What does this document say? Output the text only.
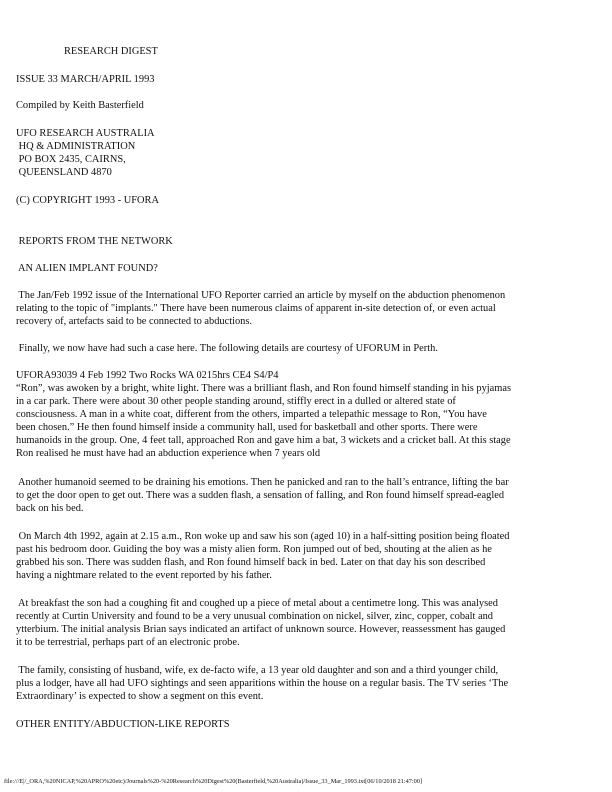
RESEARCH DIGEST

ISSUE 33 MARCH/APRIL 1993

Compiled by Keith Basterfield

UFO RESEARCH AUSTRALIA

HQ & ADMINISTRATION

PO BOX 2435, CAIRNS,

QUEENSLAND 4870

(C) COPYRIGHT 1993 - UFORA

REPORTS FROM THE NETWORK

AN ALIEN IMPLANT FOUND?

The Jan/Feb 1992 issue of the International UFO Reporter carried an article by myself on the abduction phenomenon
relating to the topic of "implants." There have been numerous claims of apparent in-site detection of, or even actual
recovery of, artefacts said to be connected to abductions.
Finally, we now have had such a case here. The following details are courtesy of UFORUM in Perth.

UFORA93039 4 Feb 1992 Two Rocks WA 0215hrs CE4 S4/P4

“Ron”, was awoken by a bright, white light. There was a brilliant flash, and Ron found himself standing in his pyjamas
in a car park. There were about 30 other people standing around, stiffly erect in a dulled or altered state of
consciousness. A man in a white coat, different from the others, imparted a telepathic message to Ron, “You have
been chosen.” He then found himself inside a community hall, used for basketball and other sports. There were
humanoids in the group. One, 4 feet tall, approached Ron and gave him a bat, 3 wickets and a cricket ball. At this stage
Ron realised he must have had an abduction experience when 7 years old
Another humanoid seemed to be draining his emotions. Then he panicked and ran to the hall’s entrance, lifting the bar
to get the door open to get out. There was a sudden flash, a sensation of falling, and Ron found himself spread-eagled
back on his bed.
On March 4th 1992, again at 2.15 a.m., Ron woke up and saw his son (aged 10) in a half-sitting position being floated
past his bedroom door. Guiding the boy was a misty alien form. Ron jumped out of bed, shouting at the alien as he
grabbed his son. There was sudden flash, and Ron found himself back in bed. Later on that day his son described
having a nightmare related to the event reported by his father.
At breakfast the son had a coughing fit and coughed up a piece of metal about a centimetre long. This was analysed
recently at Curtin University and found to be a very unusual combination on nickel, silver, zinc, copper, cobalt and
ytterbium. The initial analysis Brian says indicated an artifact of unknown source. However, reassessment has gauged
it to be terrestrial, perhaps part of an electronic probe.
The family, consisting of husband, wife, ex de-facto wife, a 13 year old daughter and son and a third younger child,
plus a lodger, have all had UFO sightings and seen apparitions within the house on a regular basis. The TV series ‘The
Extraordinary’ is expected to show a segment on this event.

OTHER ENTITY/ABDUCTION-LIKE REPORTS

file:///E|/_ORA,%20NICAP,%20APRO%20etc)/Journals%20-%20Research%20Digest%20(Basterfield,%20Australia)/Issue_33_Mar_1993.txt[06/10/2018 21:47:00]
